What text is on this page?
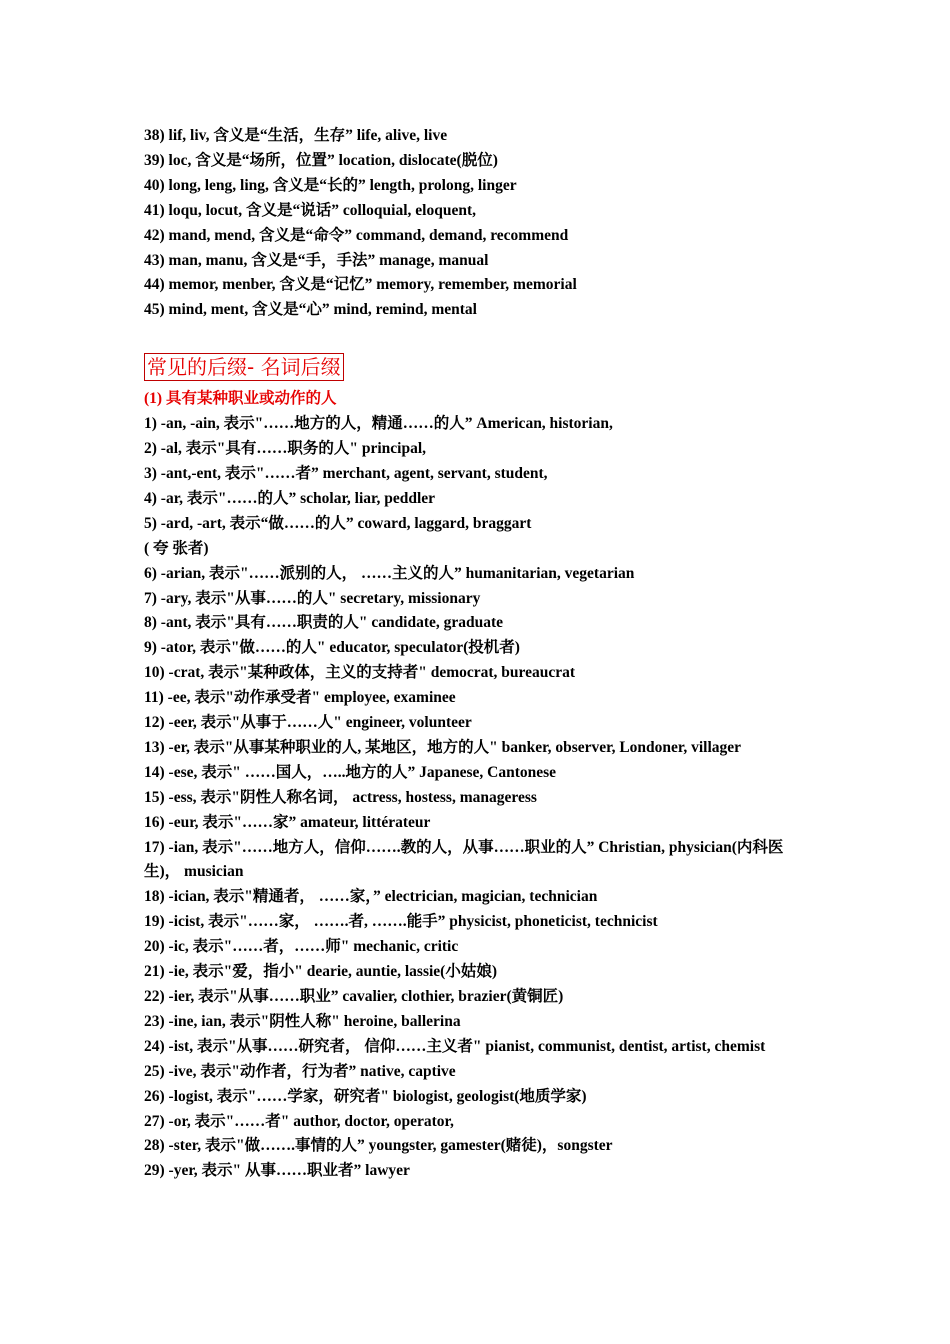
38) lif, liv, 含义是“生活，生存” life, alive, live
39) loc, 含义是“场所，位置” location, dislocate(脱位)
40) long, leng, ling, 含义是“长的” length, prolong, linger
41) loqu, locut, 含义是“说话” colloquial, eloquent,
42) mand, mend, 含义是“命令” command, demand, recommend
43) man, manu, 含义是“手，手法” manage, manual
44) memor, menber, 含义是“记忆” memory, remember, memorial
45) mind, ment, 含义是“心” mind, remind, mental
常见的后缀- 名词后缀
(1) 具有某种职业或动作的人
1) -an, -ain, 表示"……地方的人，精通……的人” American, historian,
2) -al, 表示"具有……职务的人" principal,
3) -ant,-ent, 表示"……者” merchant, agent, servant, student,
4) -ar, 表示"……的人” scholar, liar, peddler
5) -ard, -art, 表示“做……的人” coward, laggard, braggart
( 夸 张者)
6) -arian, 表示"……派别的人， ……主义的人” humanitarian, vegetarian
7) -ary, 表示"从事……的人" secretary, missionary
8) -ant, 表示"具有……职责的人" candidate, graduate
9) -ator, 表示"做……的人" educator, speculator(投机者)
10) -crat, 表示"某种政体，主义的支持者" democrat, bureaucrat
11) -ee, 表示"动作承受者" employee, examinee
12) -eer, 表示"从事于……人" engineer, volunteer
13) -er, 表示"从事某种职业的人, 某地区，地方的人" banker, observer, Londoner, villager
14) -ese, 表示" ……国人，…..地方的人” Japanese, Cantonese
15) -ess, 表示"阴性人称名词， actress, hostess, manageress
16) -eur, 表示"……家” amateur, littérateur
17) -ian, 表示"……地方人，信仰…….教的人，从事……职业的人” Christian, physician(内科医生)， musician
18) -ician, 表示"精通者， ……家，” electrician, magician, technician
19) -icist, 表示"……家， …….者, …….能手” physicist, phoneticist, technicist
20) -ic, 表示"……者，……师" mechanic, critic
21) -ie, 表示"爱，指小" dearie, auntie, lassie(小姑娘)
22) -ier, 表示"从事……职业” cavalier, clothier, brazier(黄铜匠)
23) -ine, ian, 表示"阴性人称" heroine, ballerina
24) -ist, 表示"从事……研究者， 信仰……主义者" pianist, communist, dentist, artist, chemist
25) -ive, 表示"动作者，行为者” native, captive
26) -logist, 表示"……学家，研究者" biologist, geologist(地质学家)
27) -or, 表示"……者" author, doctor, operator,
28) -ster, 表示"做…….事情的人” youngster, gamester(赌徒)，songster
29) -yer, 表示" 从事……职业者” lawyer
